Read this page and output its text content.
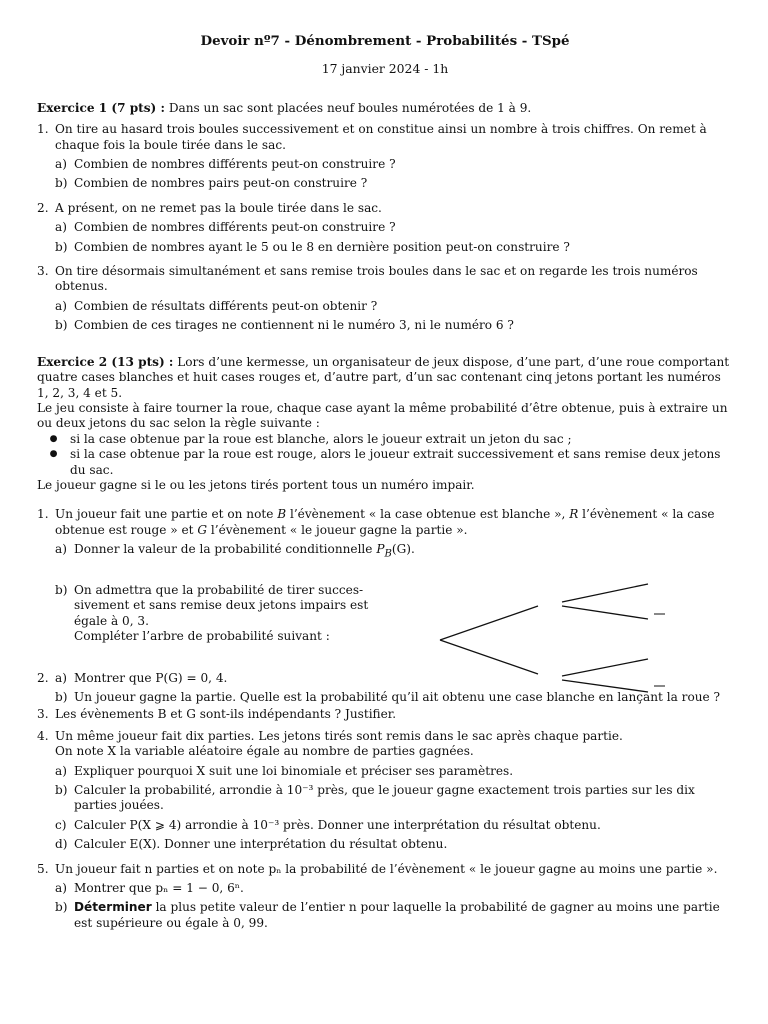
Devoir nº7 - Dénombrement - Probabilités - TSpé
17 janvier 2024 - 1h
Exercice 1 (7 pts) : Dans un sac sont placées neuf boules numérotées de 1 à 9.
1. On tire au hasard trois boules successivement et on constitue ainsi un nombre à trois chiffres. On remet à chaque fois la boule tirée dans le sac.
a) Combien de nombres différents peut-on construire ?
b) Combien de nombres pairs peut-on construire ?
2. A présent, on ne remet pas la boule tirée dans le sac.
a) Combien de nombres différents peut-on construire ?
b) Combien de nombres ayant le 5 ou le 8 en dernière position peut-on construire ?
3. On tire désormais simultanément et sans remise trois boules dans le sac et on regarde les trois numéros obtenus.
a) Combien de résultats différents peut-on obtenir ?
b) Combien de ces tirages ne contiennent ni le numéro 3, ni le numéro 6 ?
Exercice 2 (13 pts) : Lors d’une kermesse, un organisateur de jeux dispose, d’une part, d’une roue comportant quatre cases blanches et huit cases rouges et, d’autre part, d’un sac contenant cinq jetons portant les numéros 1, 2, 3, 4 et 5.
Le jeu consiste à faire tourner la roue, chaque case ayant la même probabilité d’être obtenue, puis à extraire un ou deux jetons du sac selon la règle suivante :
●	si la case obtenue par la roue est blanche, alors le joueur extrait un jeton du sac ;
●	si la case obtenue par la roue est rouge, alors le joueur extrait successivement et sans remise deux jetons du sac.
Le joueur gagne si le ou les jetons tirés portent tous un numéro impair.
1. Un joueur fait une partie et on note B l’évènement « la case obtenue est blanche », R l’évènement « la case obtenue est rouge » et G l’évènement « le joueur gagne la partie ».
a) Donner la valeur de la probabilité conditionnelle $P_B(G)$.
b) On admettra que la probabilité de tirer succes-
sivement et sans remise deux jetons impairs est
égale à 0, 3.
Compléter l’arbre de probabilité suivant :
2. a) Montrer que P(G) = 0, 4.
b) Un joueur gagne la partie. Quelle est la probabilité qu’il ait obtenu une case blanche en lançant la roue ?
3. Les évènements B et G sont-ils indépendants ? Justifier.
4. Un même joueur fait dix parties. Les jetons tirés sont remis dans le sac après chaque partie.
On note X la variable aléatoire égale au nombre de parties gagnées.
a) Expliquer pourquoi X suit une loi binomiale et préciser ses paramètres.
b) Calculer la probabilité, arrondie à 10⁻³ près, que le joueur gagne exactement trois parties sur les dix parties jouées.
c) Calculer P(X ⩾ 4) arrondie à 10⁻³ près. Donner une interprétation du résultat obtenu.
d) Calculer E(X). Donner une interprétation du résultat obtenu.
5. Un joueur fait n parties et on note pₙ la probabilité de l’évènement « le joueur gagne au moins une partie ».
a) Montrer que pₙ = 1 − 0, 6ⁿ.
b) Déterminer la plus petite valeur de l’entier n pour laquelle la probabilité de gagner au moins une partie est supérieure ou égale à 0, 99.
